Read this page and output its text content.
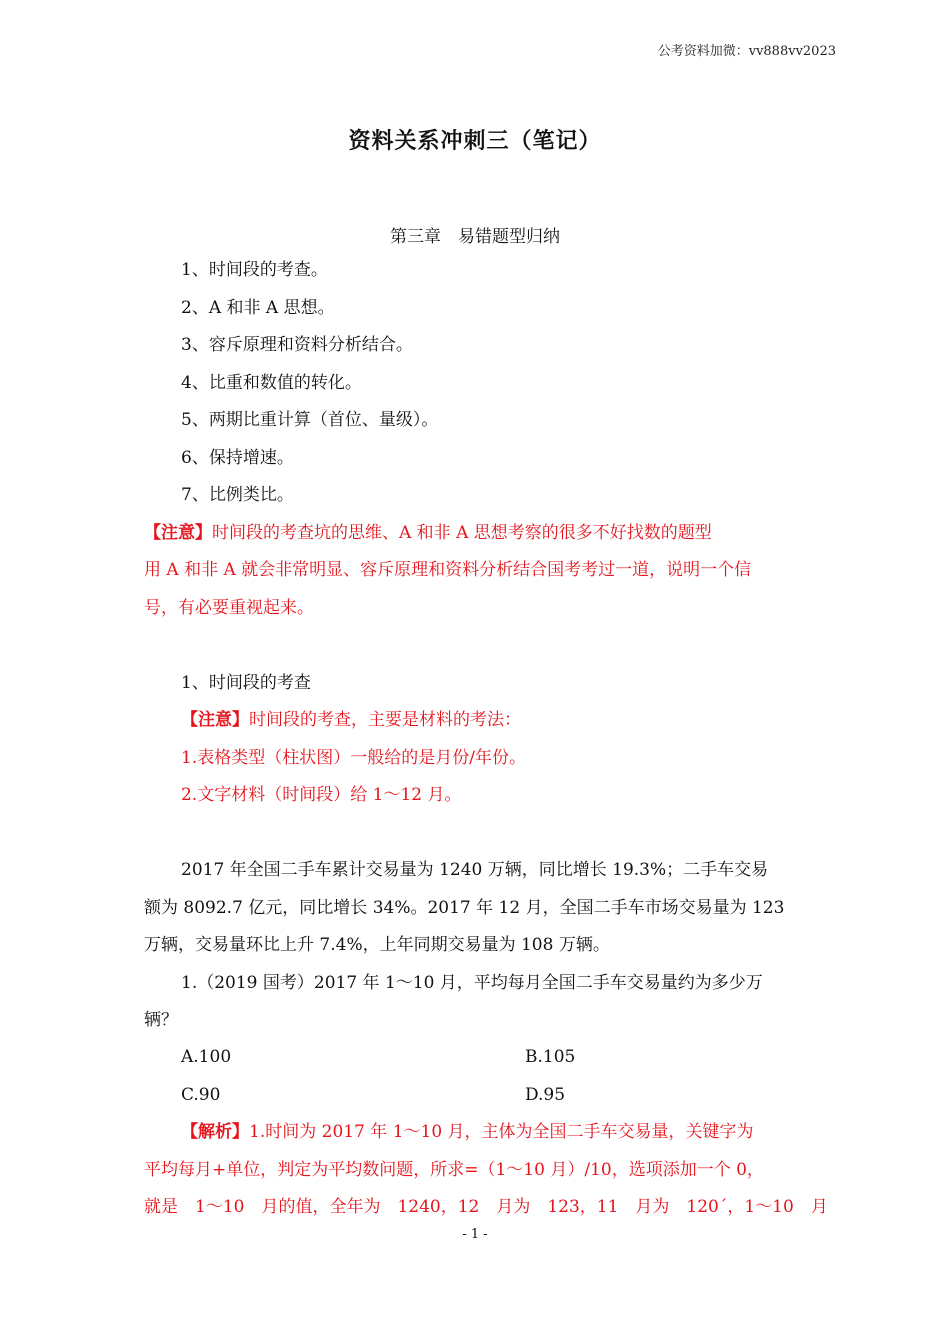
公考资料加微：vv888vv2023
资料关系冲刺三（笔记）
第三章　易错题型归纳
1、时间段的考查。
2、A 和非 A 思想。
3、容斥原理和资料分析结合。
4、比重和数值的转化。
5、两期比重计算（首位、量级）。
6、保持增速。
7、比例类比。
【注意】时间段的考查坑的思维、A 和非 A 思想考察的很多不好找数的题型
用 A 和非 A 就会非常明显、容斥原理和资料分析结合国考考过一道，说明一个信
号，有必要重视起来。
1、时间段的考查
【注意】时间段的考查，主要是材料的考法：
1.表格类型（柱状图）一般给的是月份/年份。
2.文字材料（时间段）给 1～12 月。
2017 年全国二手车累计交易量为 1240 万辆，同比增长 19.3%；二手车交易
额为 8092.7 亿元，同比增长 34%。2017 年 12 月，全国二手车市场交易量为 123
万辆，交易量环比上升 7.4%，上年同期交易量为 108 万辆。
1.（2019 国考）2017 年 1～10 月，平均每月全国二手车交易量约为多少万
辆？
A.100	B.105
C.90	D.95
【解析】1.时间为 2017 年 1～10 月，主体为全国二手车交易量，关键字为
平均每月+单位，判定为平均数问题，所求=（1～10 月）/10，选项添加一个 0，
就是　1～10　月的值，全年为　1240，12　月为　123，11　月为　120´，1～10　月
- 1 -
